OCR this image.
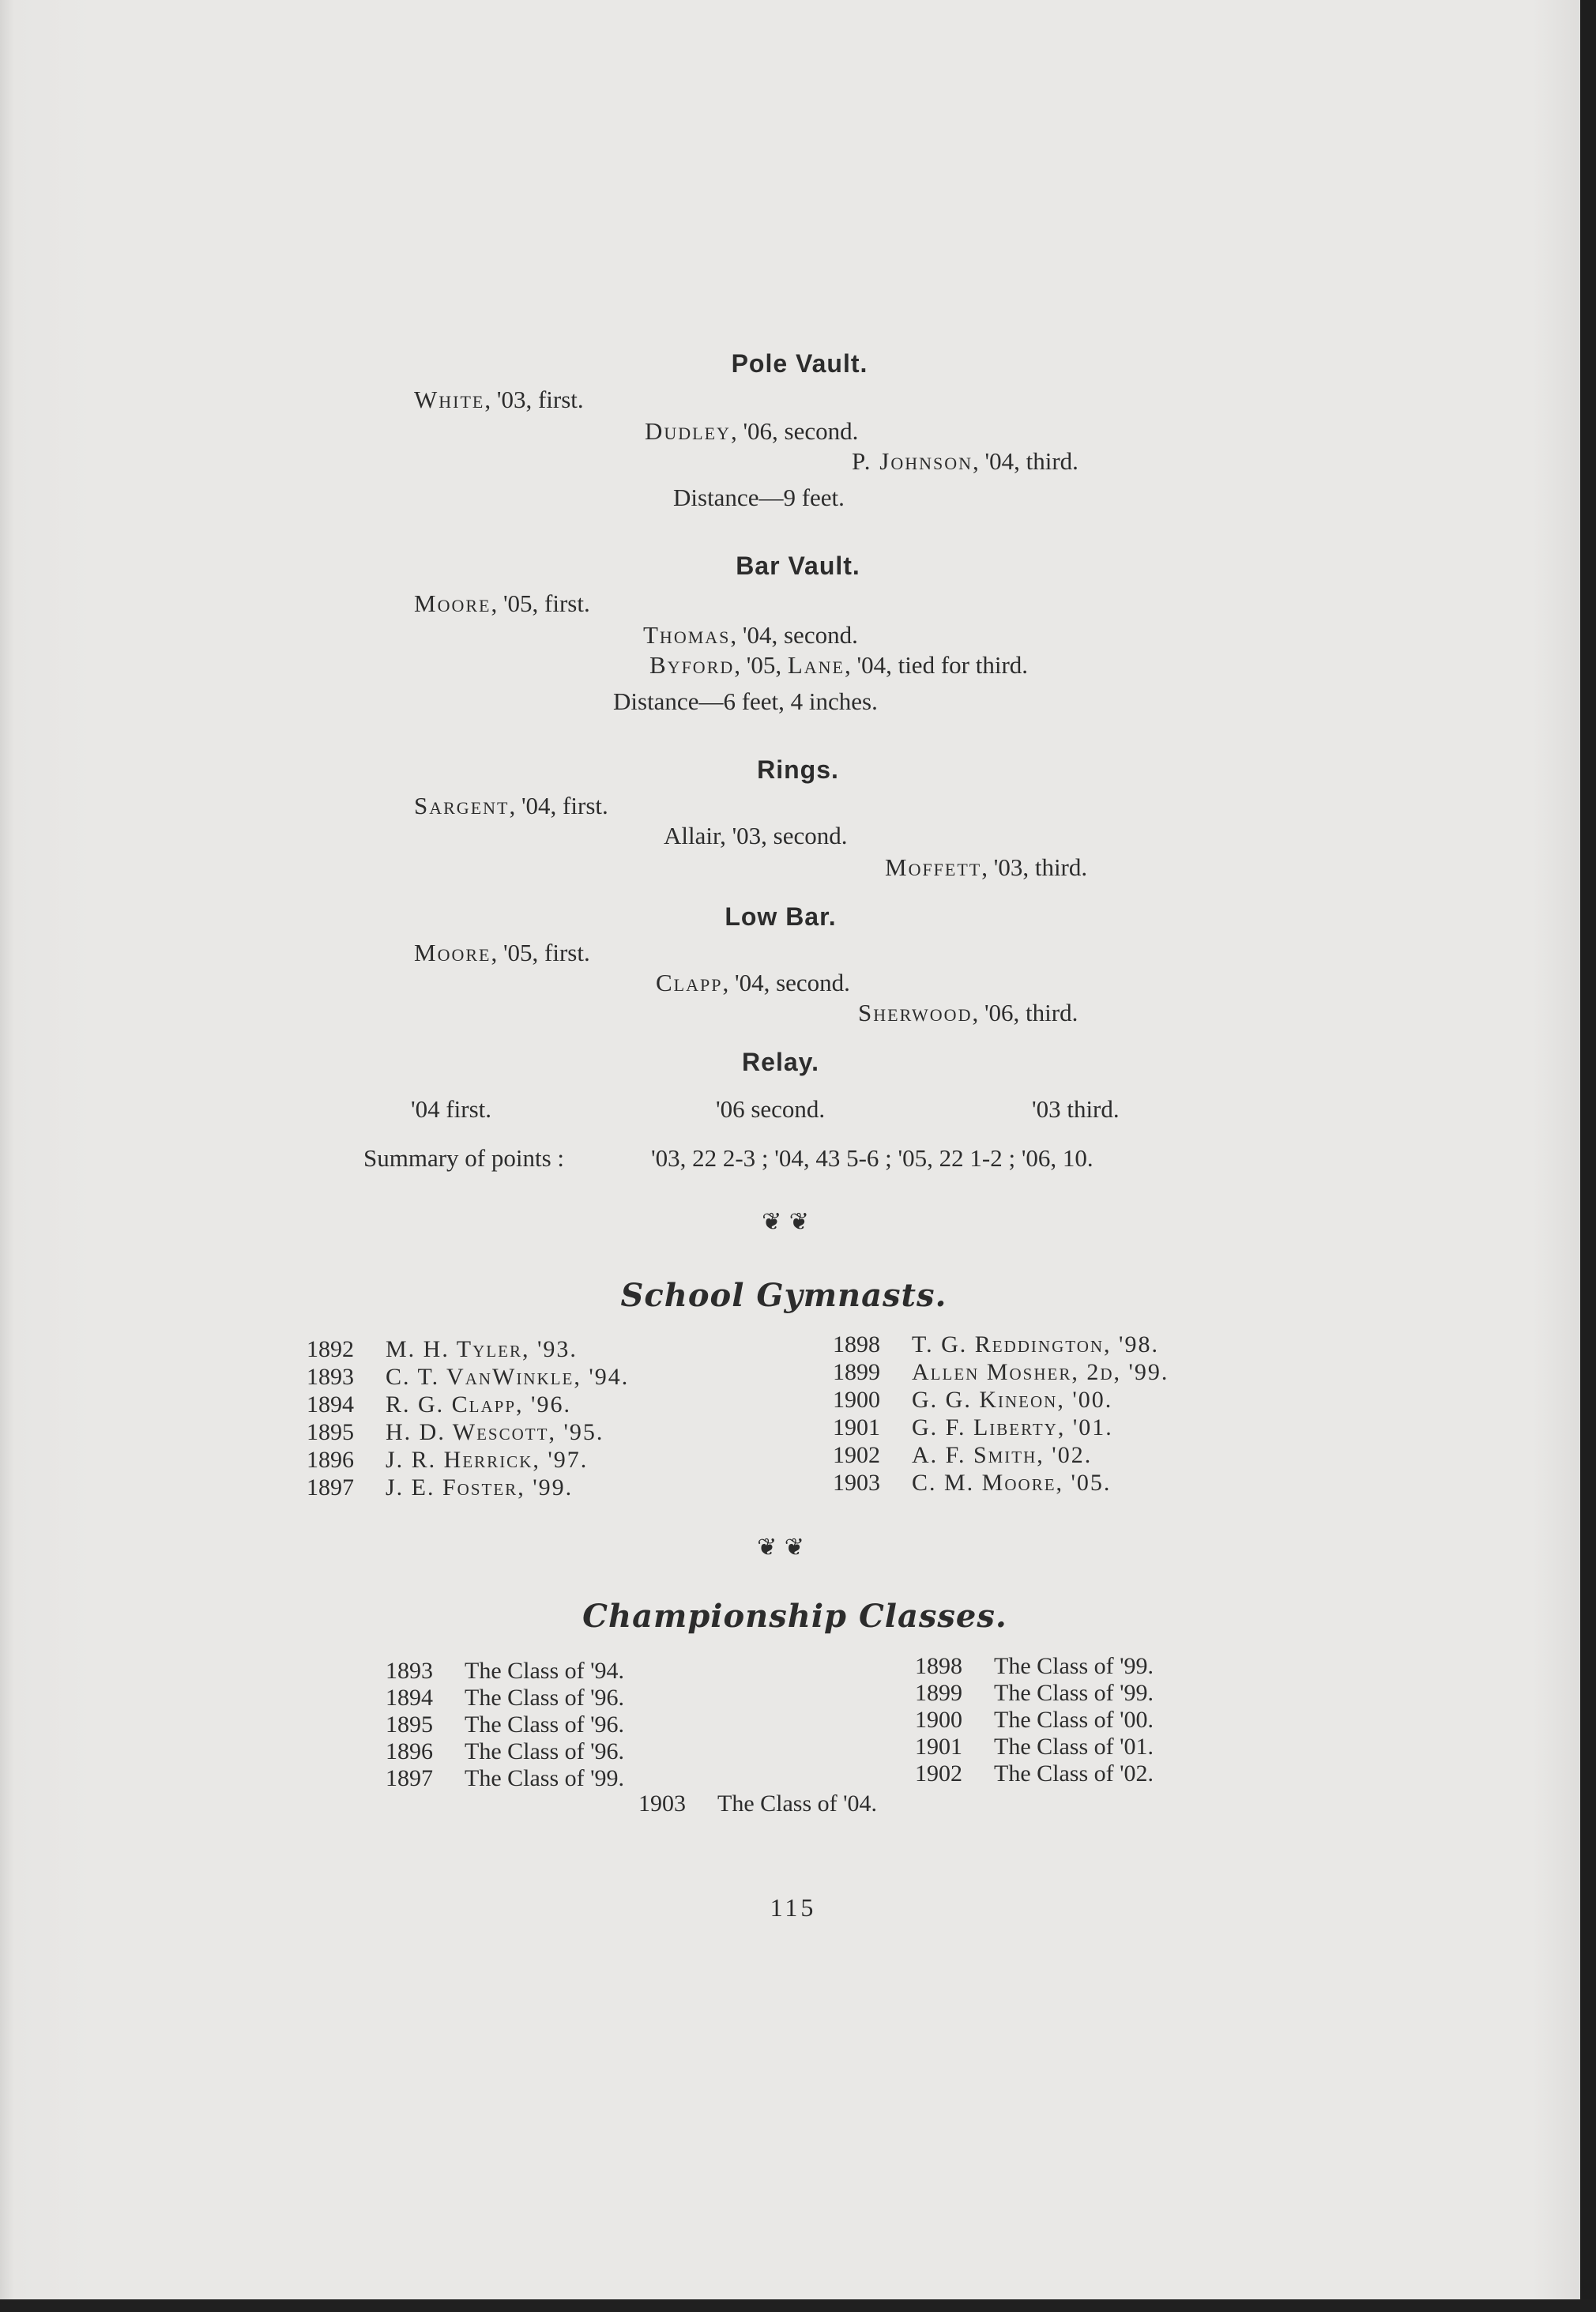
Pole Vault.
White, '03, first.
Dudley, '06, second.
P. Johnson, '04, third.
Distance—9 feet.
Bar Vault.
Moore, '05, first.
Thomas, '04, second.
Byford, '05, Lane, '04, tied for third.
Distance—6 feet, 4 inches.
Rings.
Sargent, '04, first.
Allair, '03, second.
Moffett, '03, third.
Low Bar.
Moore, '05, first.
Clapp, '04, second.
Sherwood, '06, third.
Relay.
'04 first.	'06 second.	'03 third.
Summary of points :	'03, 22 2-3 ; '04, 43 5-6 ; '05, 22 1-2 ; '06, 10.
❦ ❦
School Gymnasts.
1892 M. H. Tyler, '93.
1893 C. T. VanWinkle, '94.
1894 R. G. Clapp, '96.
1895 H. D. Wescott, '95.
1896 J. R. Herrick, '97.
1897 J. E. Foster, '99.
1898 T. G. Reddington, '98.
1899 Allen Mosher, 2d, '99.
1900 G. G. Kineon, '00.
1901 G. F. Liberty, '01.
1902 A. F. Smith, '02.
1903 C. M. Moore, '05.
❦ ❦
Championship Classes.
1893 The Class of '94.
1894 The Class of '96.
1895 The Class of '96.
1896 The Class of '96.
1897 The Class of '99.
1898 The Class of '99.
1899 The Class of '99.
1900 The Class of '00.
1901 The Class of '01.
1902 The Class of '02.
1903 The Class of '04.
115
